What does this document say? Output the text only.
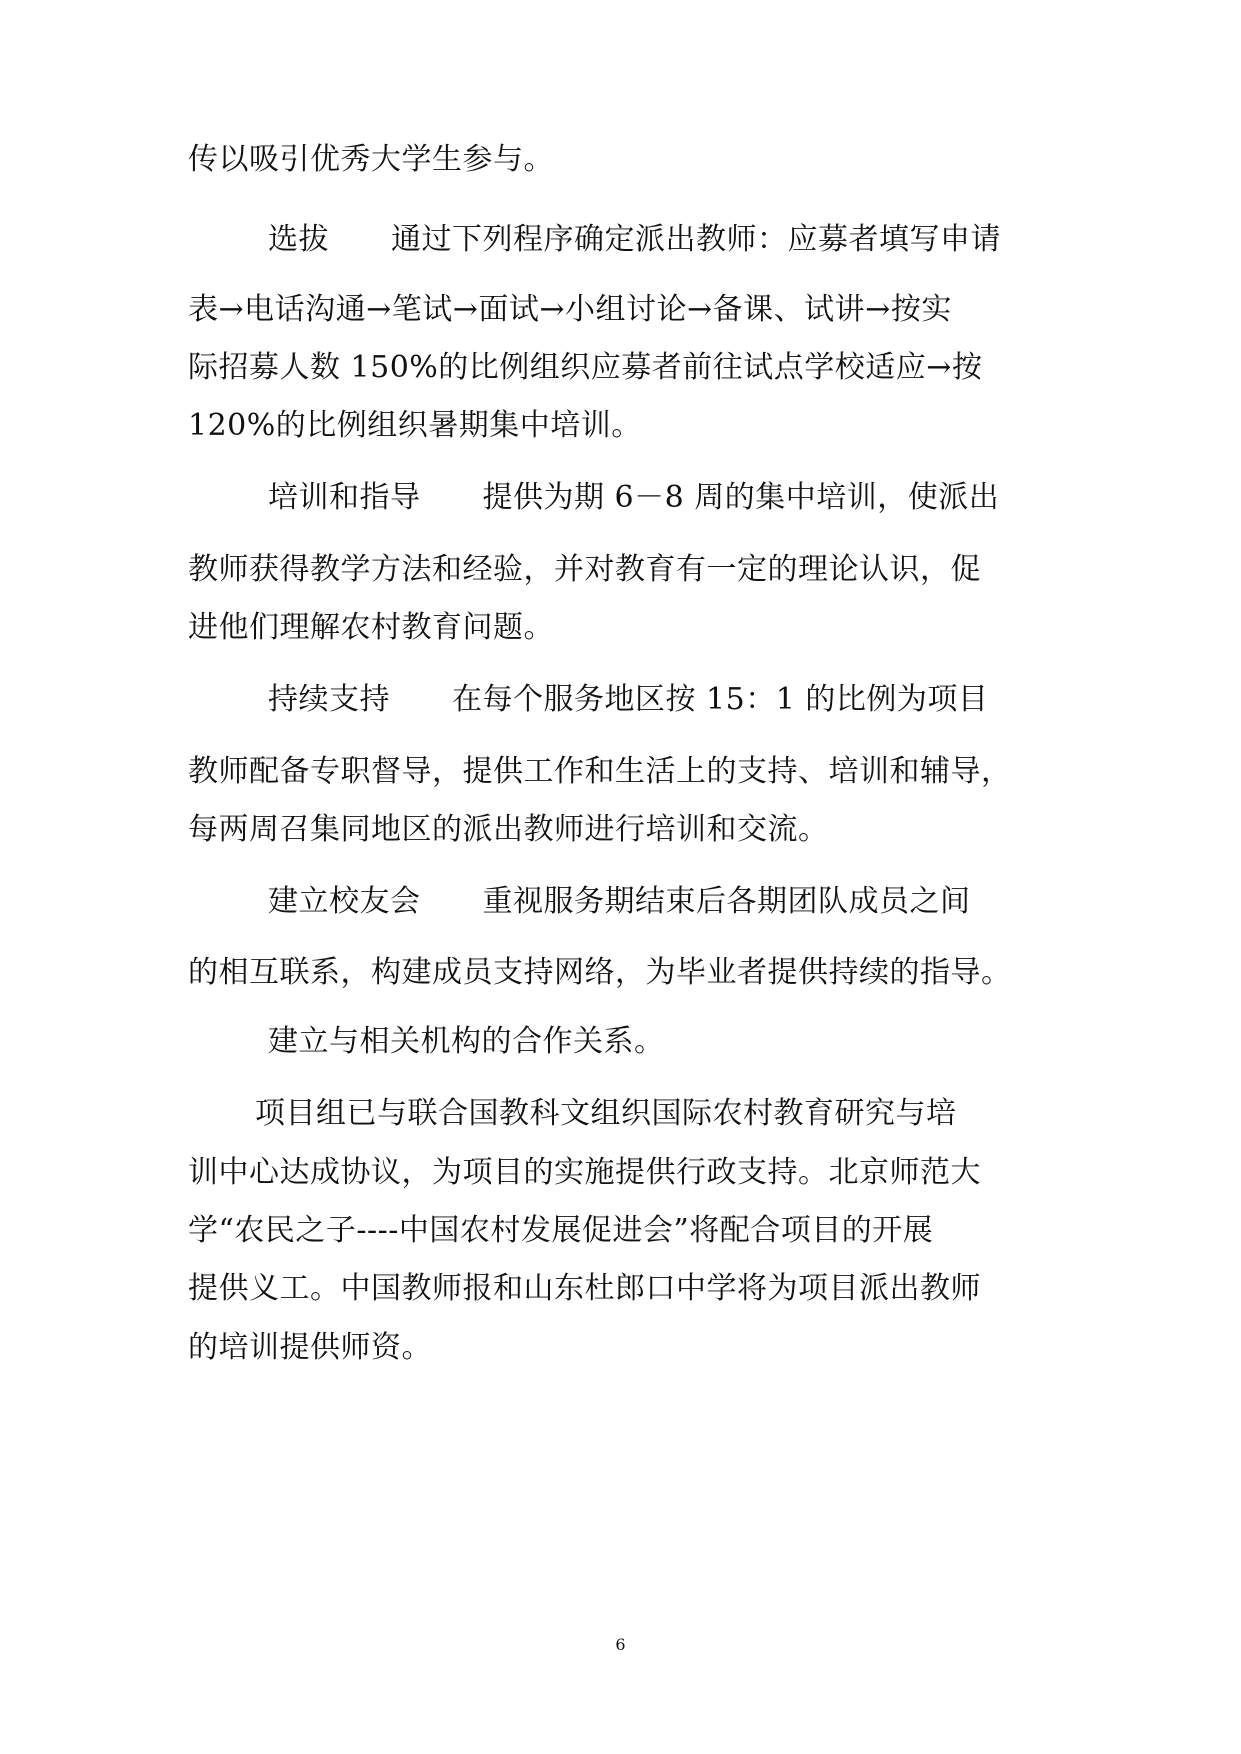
传以吸引优秀大学生参与。
选拔 通过下列程序确定派出教师：应募者填写申请
表→电话沟通→笔试→面试→小组讨论→备课、试讲→按实
际招募人数 150%的比例组织应募者前往试点学校适应→按
120%的比例组织暑期集中培训。
培训和指导 提供为期 6－8 周的集中培训，使派出
教师获得教学方法和经验，并对教育有一定的理论认识，促
进他们理解农村教育问题。
持续支持 在每个服务地区按 15：1 的比例为项目
教师配备专职督导，提供工作和生活上的支持、培训和辅导，
每两周召集同地区的派出教师进行培训和交流。
建立校友会 重视服务期结束后各期团队成员之间
的相互联系，构建成员支持网络，为毕业者提供持续的指导。
建立与相关机构的合作关系。
项目组已与联合国教科文组织国际农村教育研究与培
训中心达成协议，为项目的实施提供行政支持。北京师范大
学“农民之子----中国农村发展促进会”将配合项目的开展
提供义工。中国教师报和山东杜郎口中学将为项目派出教师
的培训提供师资。
6
